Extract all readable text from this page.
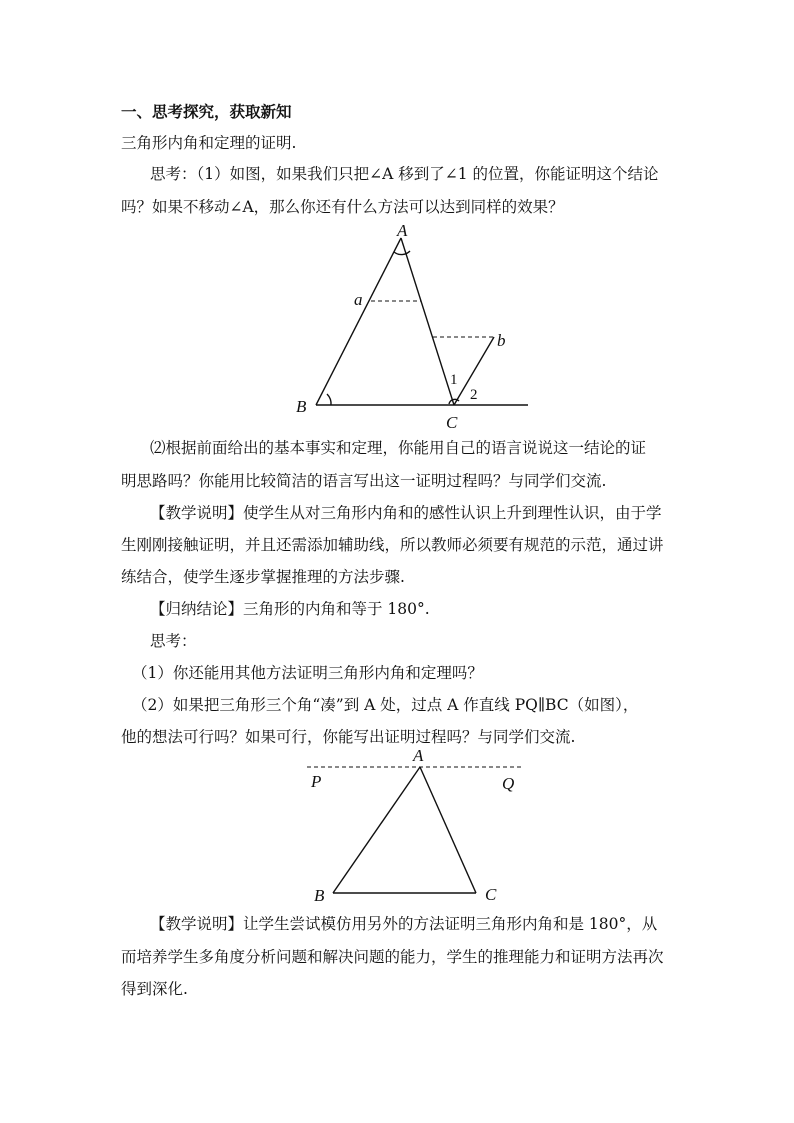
一、思考探究，获取新知
三角形内角和定理的证明.
思考：（1）如图，如果我们只把∠A 移到了∠1 的位置，你能证明这个结论
吗？如果不移动∠A，那么你还有什么方法可以达到同样的效果？
A
a
b
B
C
1
2
⑵根据前面给出的基本事实和定理，你能用自己的语言说说这一结论的证
明思路吗？你能用比较简洁的语言写出这一证明过程吗？与同学们交流.
【教学说明】使学生从对三角形内角和的感性认识上升到理性认识，由于学
生刚刚接触证明，并且还需添加辅助线，所以教师必须要有规范的示范，通过讲
练结合，使学生逐步掌握推理的方法步骤.
【归纳结论】三角形的内角和等于 180°.
思考：
（1）你还能用其他方法证明三角形内角和定理吗？
（2）如果把三角形三个角“凑”到 A 处，过点 A 作直线 PQ∥BC（如图），
他的想法可行吗？如果可行，你能写出证明过程吗？与同学们交流.
A
P	Q
B	C
【教学说明】让学生尝试模仿用另外的方法证明三角形内角和是 180°，从
而培养学生多角度分析问题和解决问题的能力，学生的推理能力和证明方法再次
得到深化.
